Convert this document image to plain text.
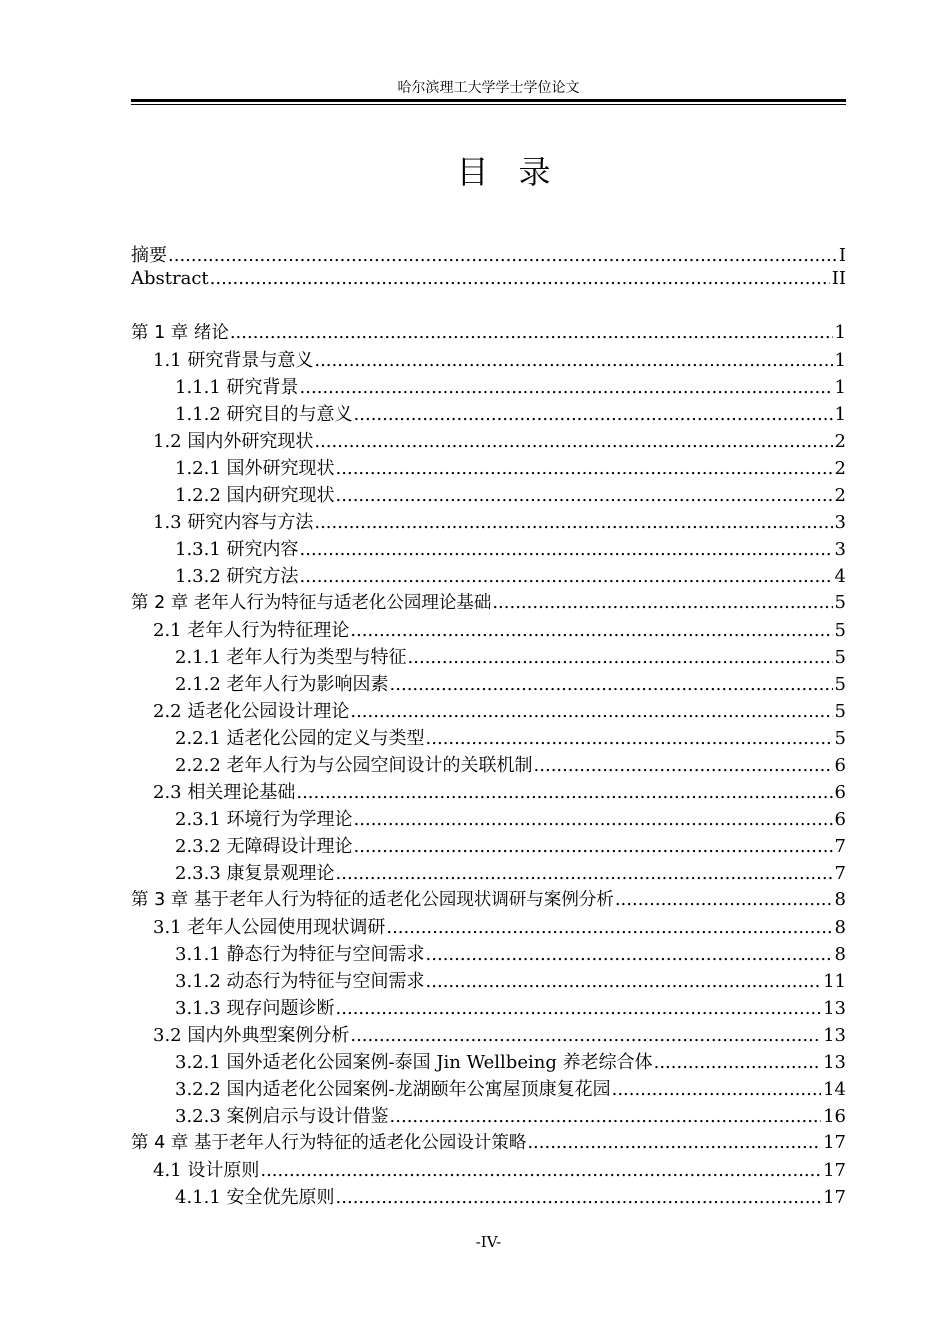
哈尔滨理工大学学士学位论文
目录
摘要 .....	I
Abstract .....	II
第 1 章 绪论 .....	1
1.1 研究背景与意义 .....	1
1.1.1 研究背景 .....	1
1.1.2 研究目的与意义 .....	1
1.2 国内外研究现状 .....	2
1.2.1 国外研究现状 .....	2
1.2.2 国内研究现状 .....	2
1.3 研究内容与方法 .....	3
1.3.1 研究内容 .....	3
1.3.2 研究方法 .....	4
第 2 章 老年人行为特征与适老化公园理论基础 .....	5
2.1 老年人行为特征理论 .....	5
2.1.1 老年人行为类型与特征 .....	5
2.1.2 老年人行为影响因素 .....	5
2.2 适老化公园设计理论 .....	5
2.2.1 适老化公园的定义与类型 .....	5
2.2.2 老年人行为与公园空间设计的关联机制 .....	6
2.3 相关理论基础 .....	6
2.3.1 环境行为学理论 .....	6
2.3.2 无障碍设计理论 .....	7
2.3.3 康复景观理论 .....	7
第 3 章 基于老年人行为特征的适老化公园现状调研与案例分析 .....	8
3.1 老年人公园使用现状调研 .....	8
3.1.1 静态行为特征与空间需求 .....	8
3.1.2 动态行为特征与空间需求 .....	11
3.1.3 现存问题诊断 .....	13
3.2 国内外典型案例分析 .....	13
3.2.1 国外适老化公园案例-泰国 Jin Wellbeing 养老综合体 .....	13
3.2.2 国内适老化公园案例-龙湖颐年公寓屋顶康复花园 .....	14
3.2.3 案例启示与设计借鉴 .....	16
第 4 章 基于老年人行为特征的适老化公园设计策略 .....	17
4.1 设计原则 .....	17
4.1.1 安全优先原则 .....	17
-IV-
